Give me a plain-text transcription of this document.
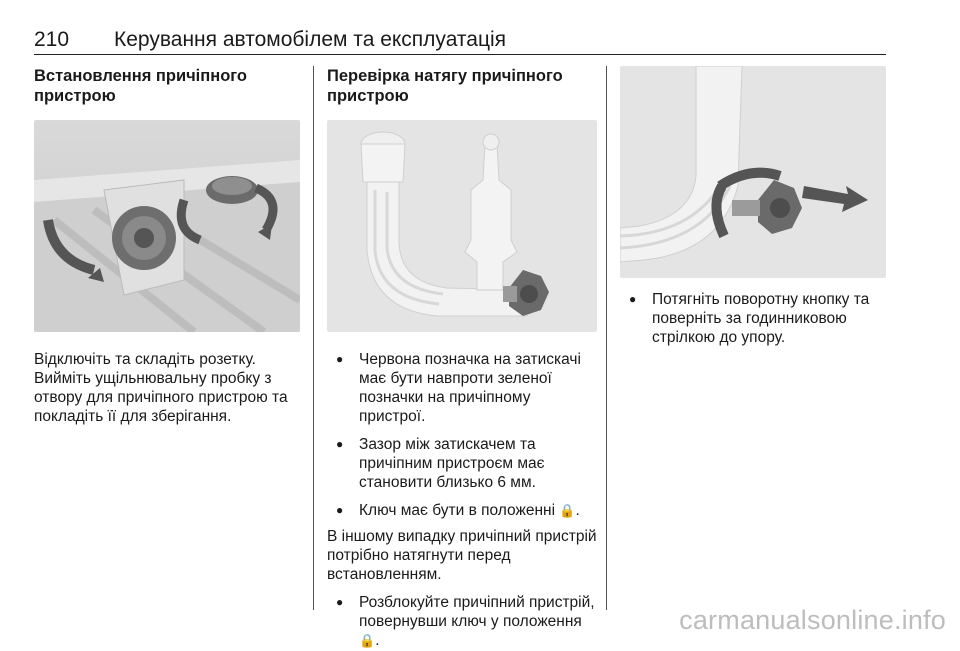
210 Керування автомобілем та експлуатація
Встановлення причіпного пристрою

Відключіть та складіть розетку. Вийміть ущільнювальну пробку з отвору для причіпного пристрою та покладіть її для зберігання.

Перевірка натягу причіпного пристрою
● Червона позначка на затискачі має бути навпроти зеленої позначки на причіпному пристрої.
● Зазор між затискачем та причіпним пристроєм має становити близько 6 мм.
● Ключ має бути в положенні 🔒.

В іншому випадку причіпний пристрій потрібно натягнути перед встановленням.

● Розблокуйте причіпний пристрій, повернувши ключ у положення 🔒.
● Потягніть поворотну кнопку та поверніть за годинниковою стрілкою до упору.
carmanualsonline.info
